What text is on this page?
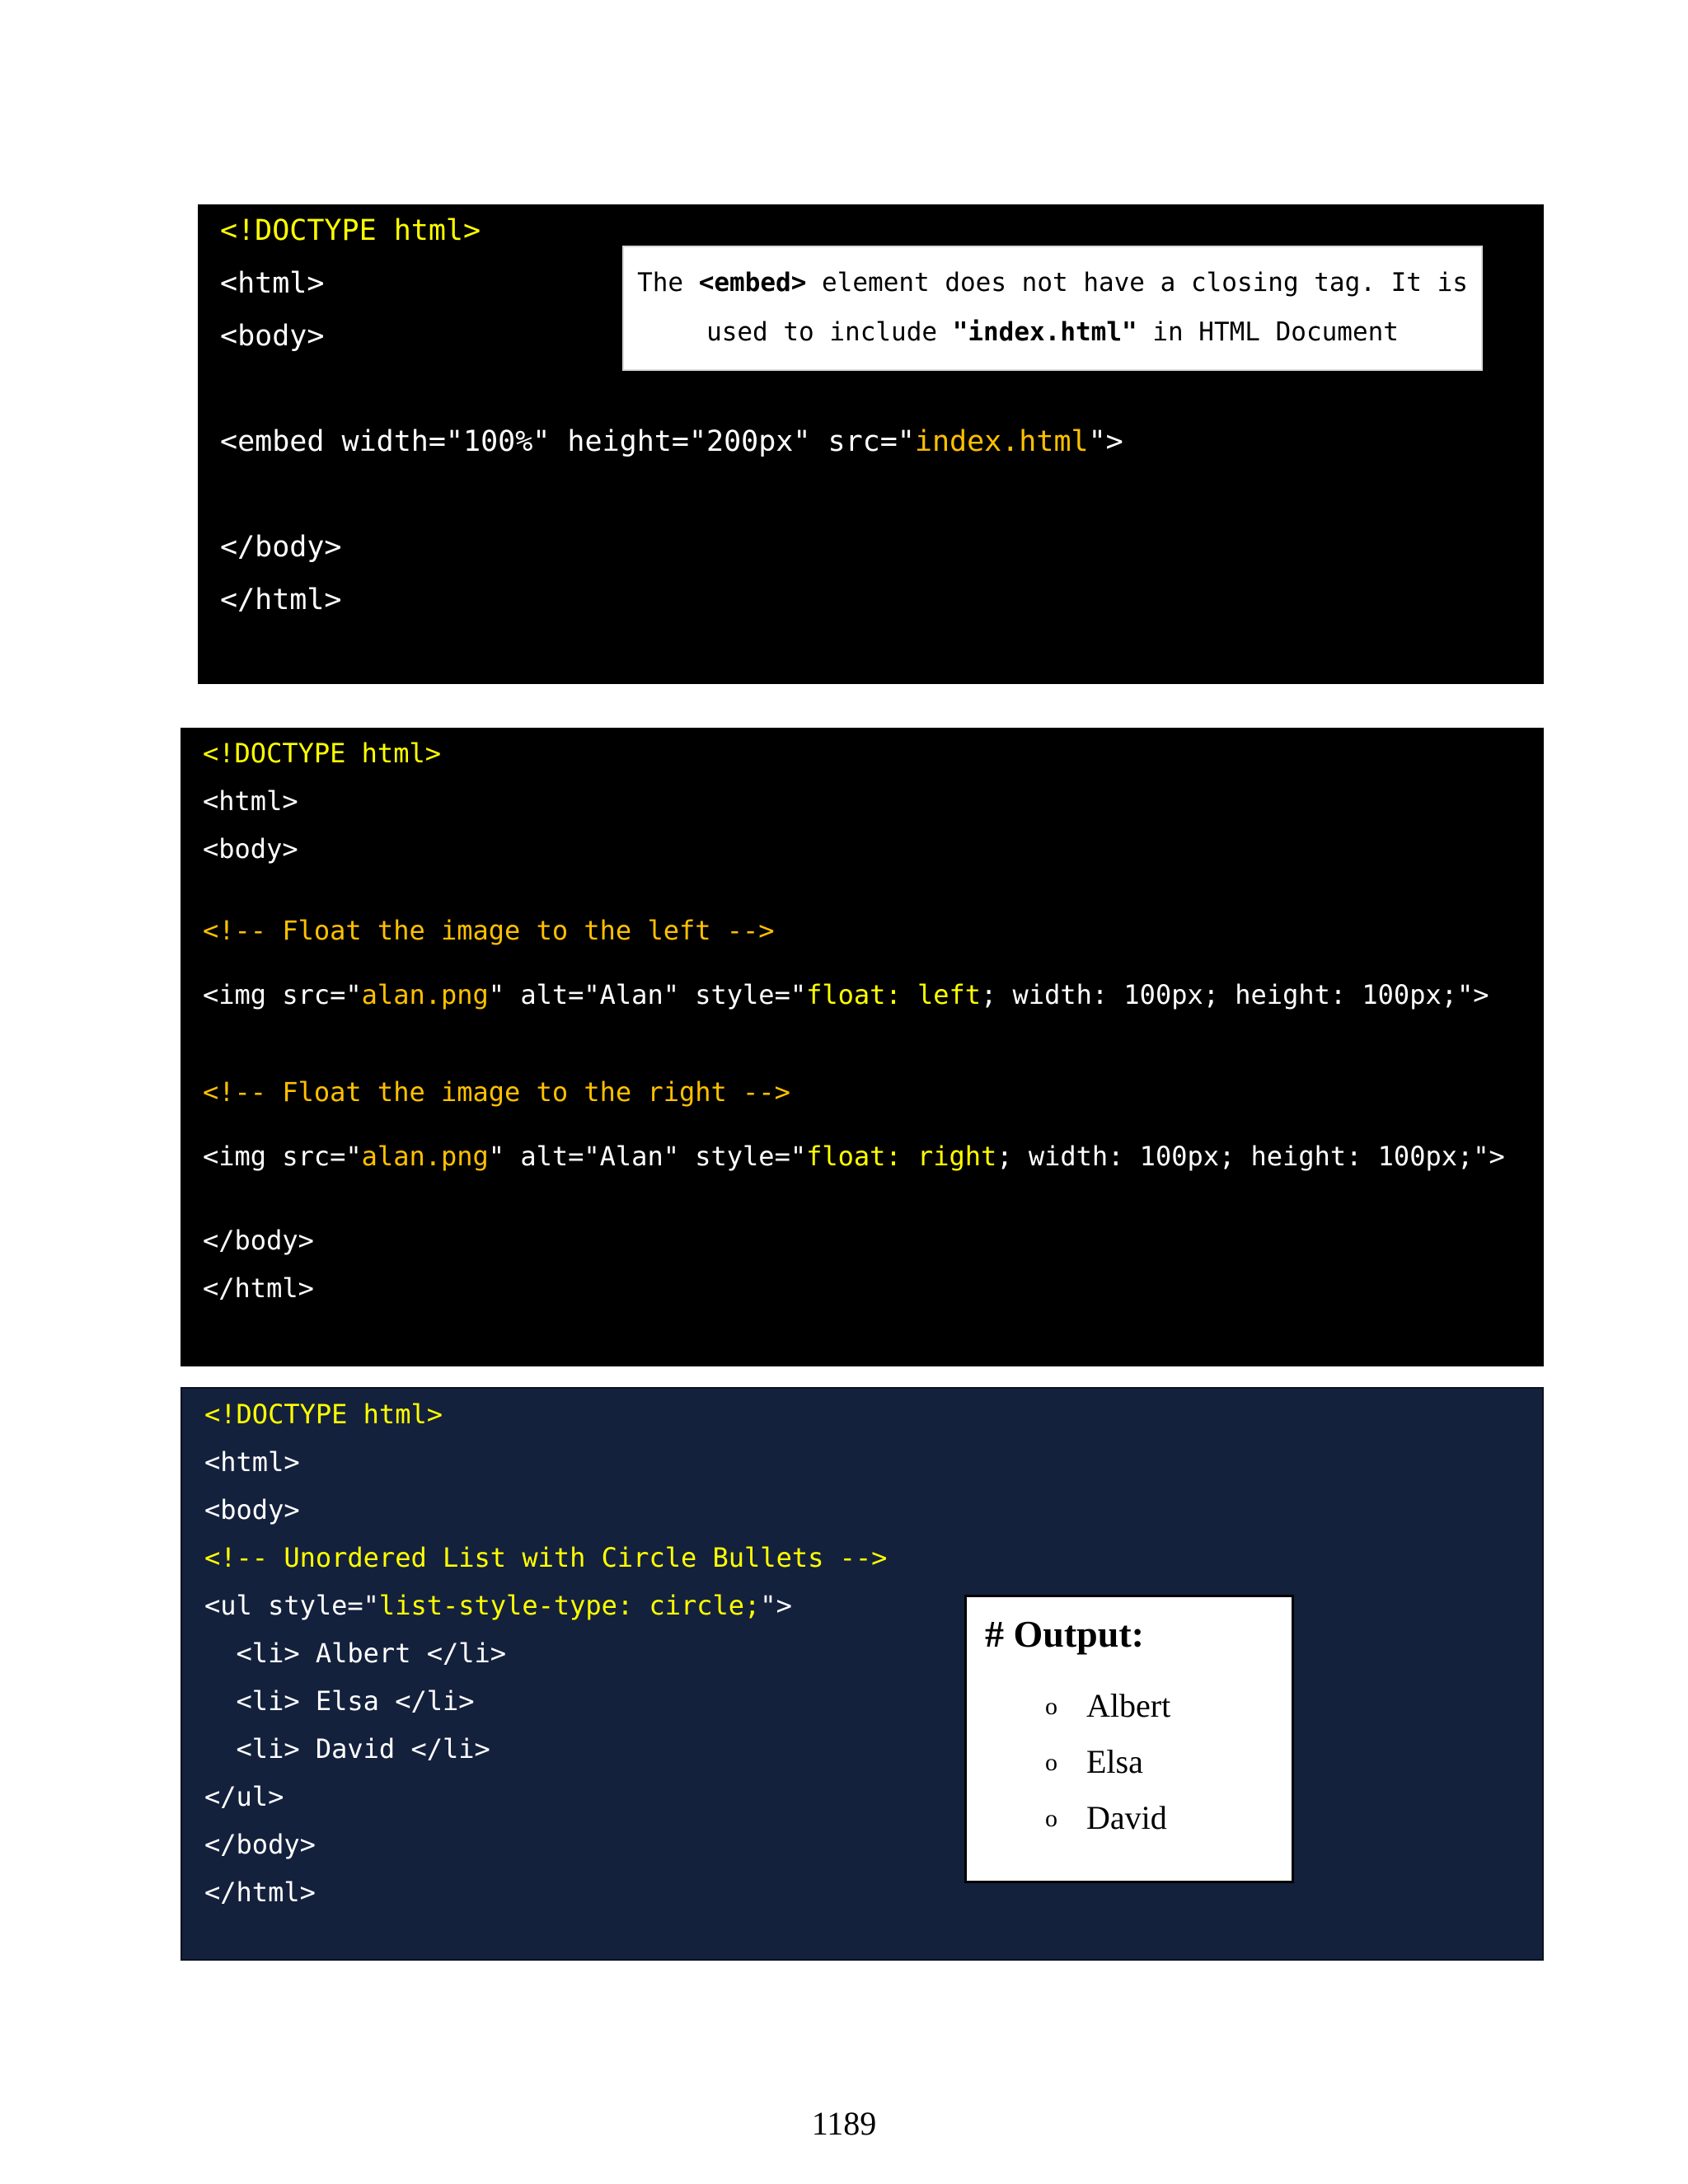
<!DOCTYPE html>
<html>
<body>
<embed width="100%" height="200px" src="index.html">
</body>
</html>
The <embed> element does not have a closing tag. It is
used to include "index.html" in HTML Document
<!DOCTYPE html>
<html>
<body>
<!-- Float the image to the left -->
<img src="alan.png" alt="Alan" style="float: left; width: 100px; height: 100px;">
<!-- Float the image to the right -->
<img src="alan.png" alt="Alan" style="float: right; width: 100px; height: 100px;">
</body>
</html>
<!DOCTYPE html>
<html>
<body>
<!-- Unordered List with Circle Bullets -->
<ul style="list-style-type: circle;">
<li> Albert </li>
<li> Elsa </li>
<li> David </li>
</ul>
</body>
</html>
# Output:
o Albert
o Elsa
o David
1189
